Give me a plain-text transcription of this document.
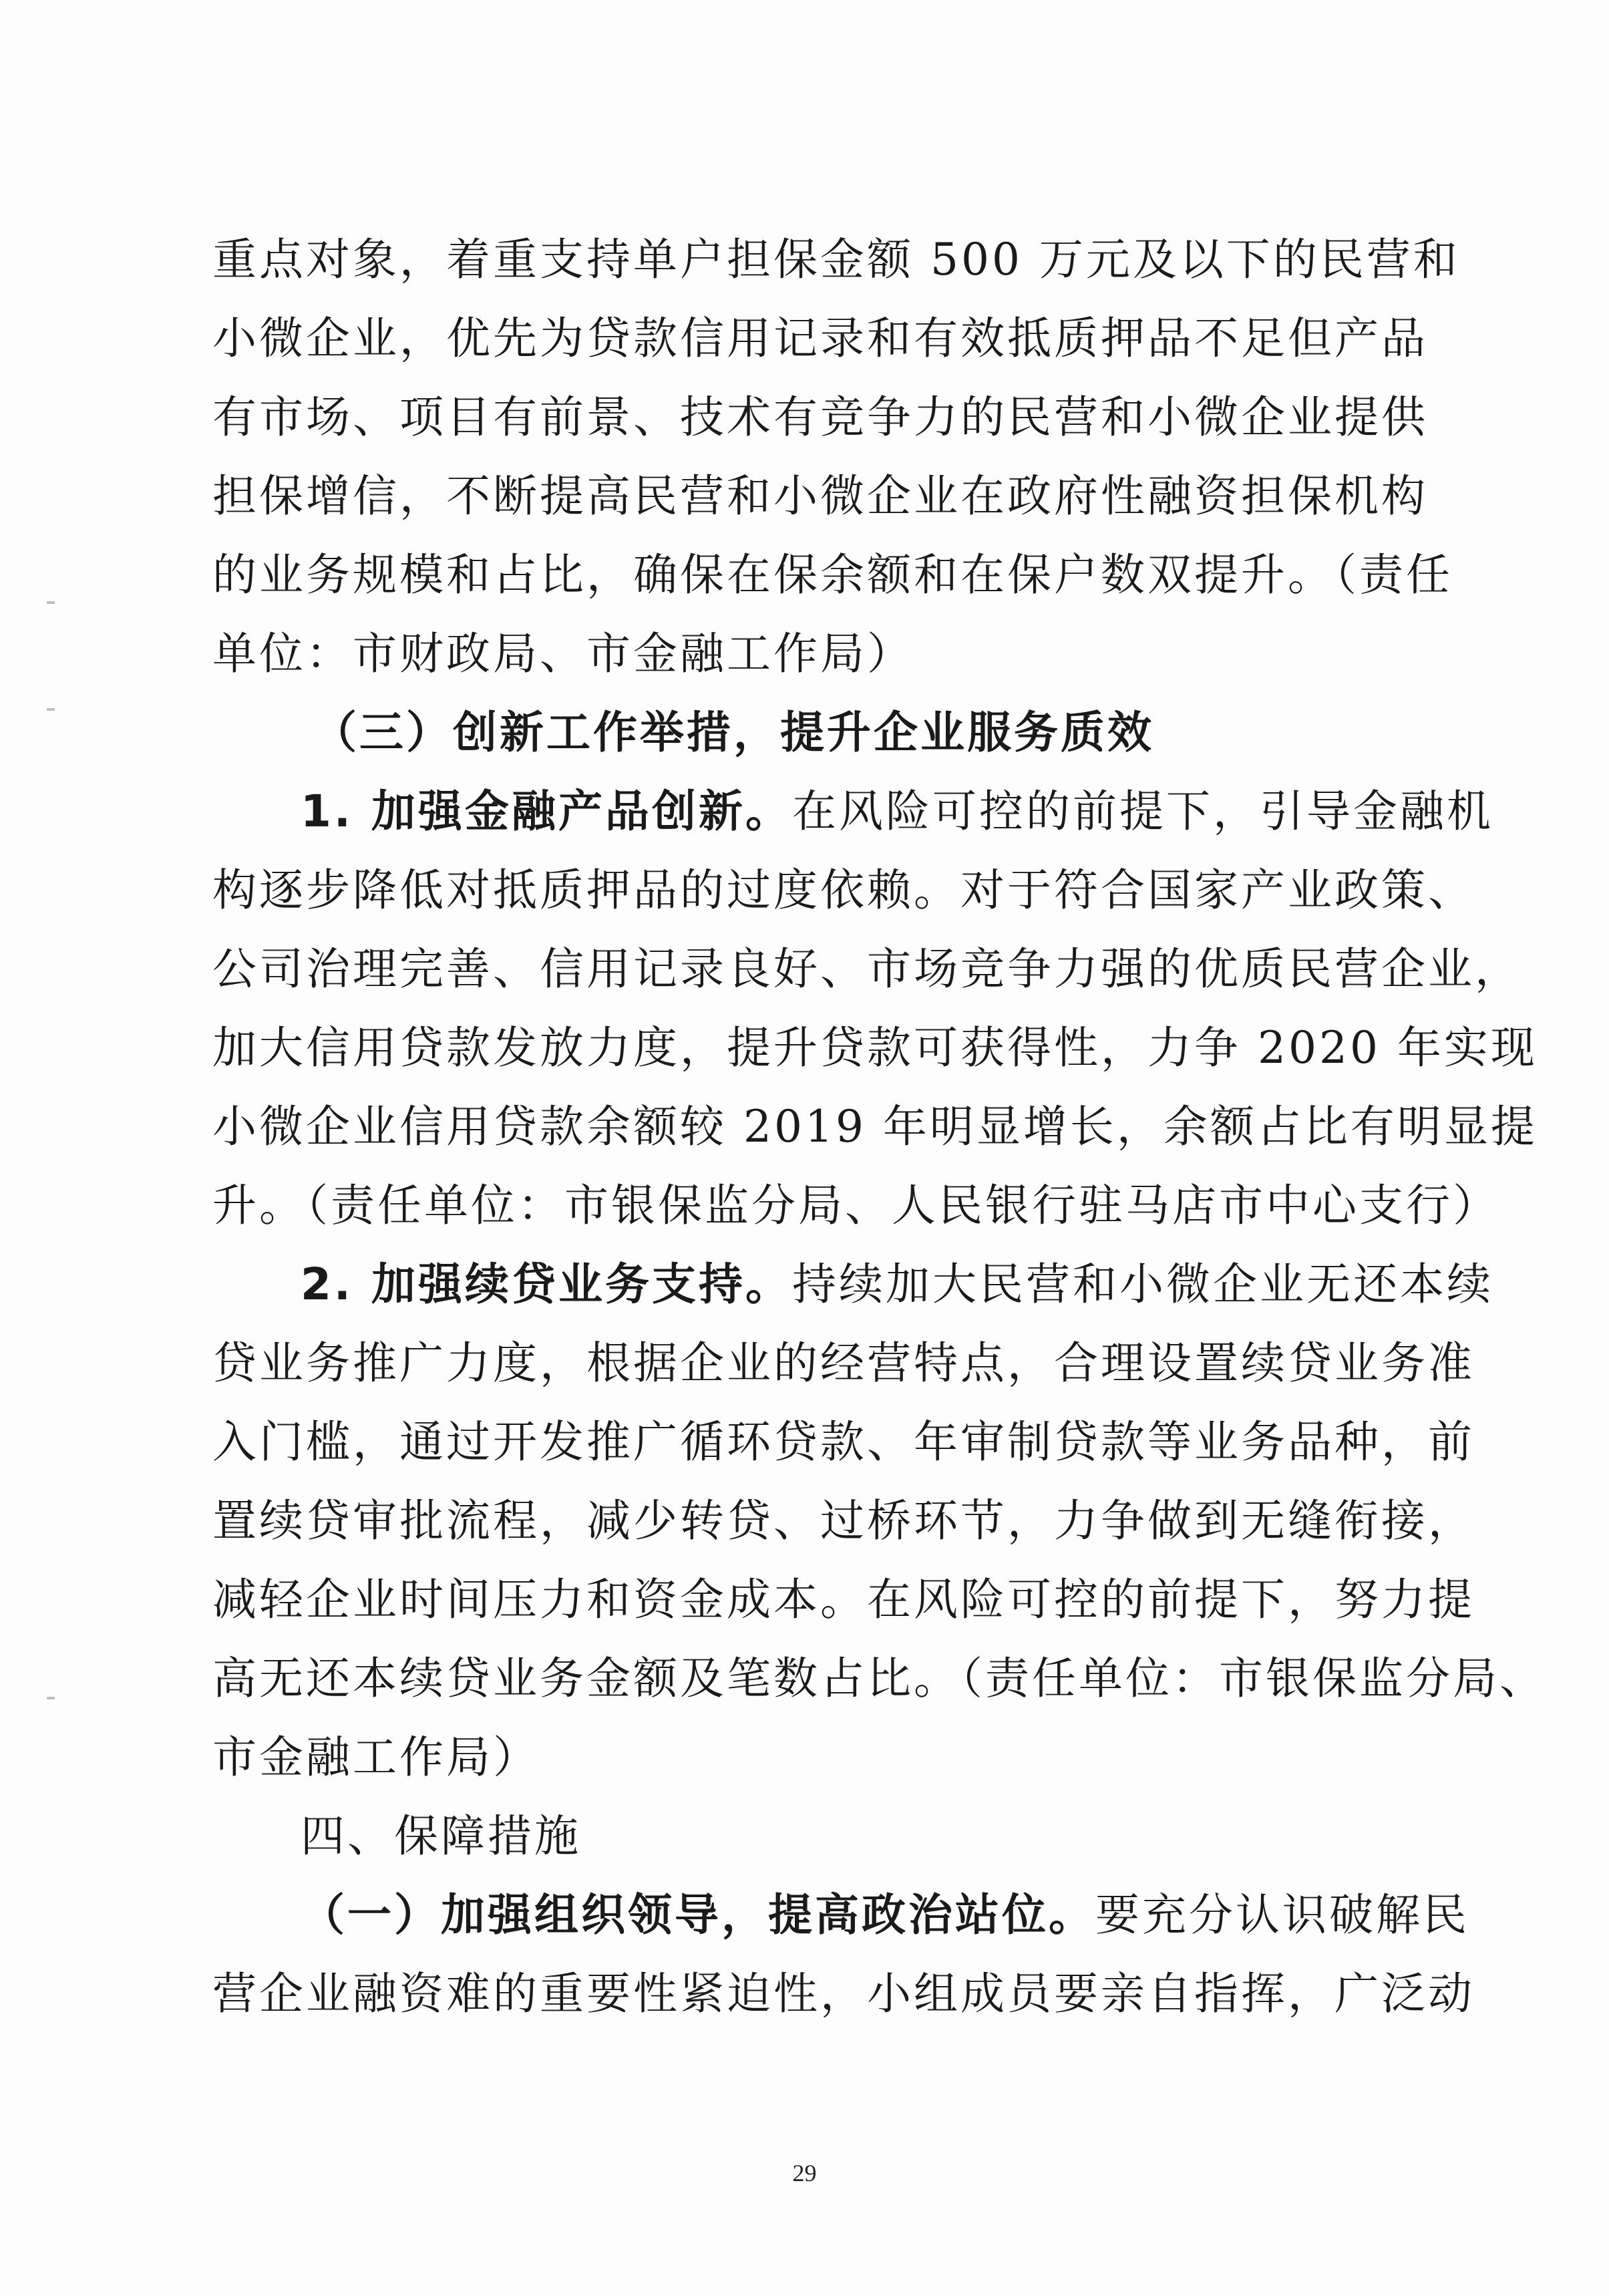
重点对象，着重支持单户担保金额 500 万元及以下的民营和
小微企业，优先为贷款信用记录和有效抵质押品不足但产品
有市场、项目有前景、技术有竞争力的民营和小微企业提供
担保增信，不断提高民营和小微企业在政府性融资担保机构
的业务规模和占比，确保在保余额和在保户数双提升。（责任
单位：市财政局、市金融工作局）
（三）创新工作举措，提升企业服务质效
1. 加强金融产品创新。在风险可控的前提下，引导金融机
构逐步降低对抵质押品的过度依赖。对于符合国家产业政策、
公司治理完善、信用记录良好、市场竞争力强的优质民营企业，
加大信用贷款发放力度，提升贷款可获得性，力争 2020 年实现
小微企业信用贷款余额较 2019 年明显增长，余额占比有明显提
升。（责任单位：市银保监分局、人民银行驻马店市中心支行）
2. 加强续贷业务支持。持续加大民营和小微企业无还本续
贷业务推广力度，根据企业的经营特点，合理设置续贷业务准
入门槛，通过开发推广循环贷款、年审制贷款等业务品种，前
置续贷审批流程，减少转贷、过桥环节，力争做到无缝衔接，
减轻企业时间压力和资金成本。在风险可控的前提下，努力提
高无还本续贷业务金额及笔数占比。（责任单位：市银保监分局、
市金融工作局）
四、保障措施
（一）加强组织领导，提高政治站位。要充分认识破解民
营企业融资难的重要性紧迫性，小组成员要亲自指挥，广泛动
29
